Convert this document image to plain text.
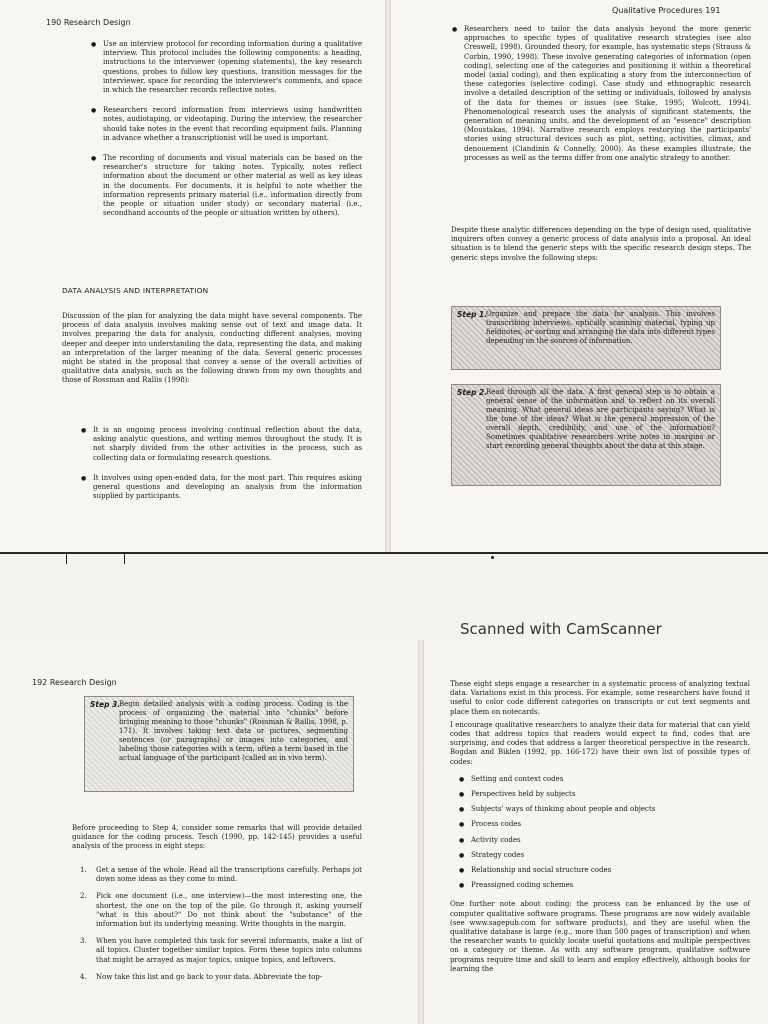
190 Research Design
● Use an interview protocol for recording information during a qualitative interview. This protocol includes the following components: a heading, instructions to the interviewer (opening statements), the key research questions, probes to follow key questions, transition messages for the interviewer, space for recording the interviewer's comments, and space in which the researcher records reflective notes.
● Researchers record information from interviews using handwritten notes, audiotaping, or videotaping. During the interview, the researcher should take notes in the event that recording equipment fails. Planning in advance whether a transcriptionist will be used is important.
● The recording of documents and visual materials can be based on the researcher's structure for taking notes. Typically, notes reflect information about the document or other material as well as key ideas in the documents. For documents, it is helpful to note whether the information represents primary material (i.e., information directly from the people or situation under study) or secondary material (i.e., secondhand accounts of the people or situation written by others).
DATA ANALYSIS AND INTERPRETATION

Discussion of the plan for analyzing the data might have several components. The process of data analysis involves making sense out of text and image data. It involves preparing the data for analysis, conducting different analyses, moving deeper and deeper into understanding the data, representing the data, and making an interpretation of the larger meaning of the data. Several generic processes might be stated in the proposal that convey a sense of the overall activities of qualitative data analysis, such as the following drawn from my own thoughts and those of Rossman and Rallis (1998):

● It is an ongoing process involving continual reflection about the data, asking analytic questions, and writing memos throughout the study. It is not sharply divided from the other activities in the process, such as collecting data or formulating research questions.
● It involves using open-ended data, for the most part. This requires asking general questions and developing an analysis from the information supplied by participants.
Qualitative Procedures 191
● Researchers need to tailor the data analysis beyond the more generic approaches to specific types of qualitative research strategies (see also Creswell, 1998). Grounded theory, for example, has systematic steps (Strauss & Corbin, 1990, 1998). These involve generating categories of information (open coding), selecting one of the categories and positioning it within a theoretical model (axial coding), and then explicating a story from the interconnection of these categories (selective coding). Case study and ethnographic research involve a detailed description of the setting or individuals, followed by analysis of the data for themes or issues (see Stake, 1995; Wolcott, 1994). Phenomenological research uses the analysis of significant statements, the generation of meaning units, and the development of an "essence" description (Moustakas, 1994). Narrative research employs restorying the participants' stories using structural devices such as plot, setting, activities, climax, and denouement (Clandinin & Connelly, 2000). As these examples illustrate, the processes as well as the terms differ from one analytic strategy to another.

Despite these analytic differences depending on the type of design used, qualitative inquirers often convey a generic process of data analysis into a proposal. An ideal situation is to blend the generic steps with the specific research design steps. The generic steps involve the following steps:

Step 1.
Organize and prepare the data for analysis. This involves transcribing interviews, optically scanning material, typing up fieldnotes, or sorting and arranging the data into different types depending on the sources of information.
Step 2.
Read through all the data. A first general step is to obtain a general sense of the information and to reflect on its overall meaning. What general ideas are participants saying? What is the tone of the ideas? What is the general impression of the overall depth, credibility, and use of the information? Sometimes qualitative researchers write notes in margins or start recording general thoughts about the data at this stage.
Scanned with CamScanner
192 Research Design
Step 3.
Begin detailed analysis with a coding process. Coding is the process of organizing the material into "chunks" before bringing meaning to those "chunks" (Rossman & Rallis, 1998, p. 171). It involves taking text data or pictures, segmenting sentences (or paragraphs) or images into categories, and labeling those categories with a term, often a term based in the actual language of the participant (called an in vivo term).

Before proceeding to Step 4, consider some remarks that will provide detailed guidance for the coding process. Tesch (1990, pp. 142-145) provides a useful analysis of the process in eight steps:

1. Get a sense of the whole. Read all the transcriptions carefully. Perhaps jot down some ideas as they come to mind.
2. Pick one document (i.e., one interview)—the most interesting one, the shortest, the one on the top of the pile. Go through it, asking yourself "what is this about?" Do not think about the "substance" of the information but its underlying meaning. Write thoughts in the margin.
3. When you have completed this task for several informants, make a list of all topics. Cluster together similar topics. Form these topics into columns that might be arrayed as major topics, unique topics, and leftovers.
4. Now take this list and go back to your data. Abbreviate the top-

These eight steps engage a researcher in a systematic process of analyzing textual data. Variations exist in this process. For example, some researchers have found it useful to color code different categories on transcripts or cut text segments and place them on notecards.

I encourage qualitative researchers to analyze their data for material that can yield codes that address topics that readers would expect to find, codes that are surprising, and codes that address a larger theoretical perspective in the research. Bogdan and Biklen (1992, pp. 166-172) have their own list of possible types of codes:

● Setting and context codes
● Perspectives held by subjects
● Subjects' ways of thinking about people and objects
● Process codes
● Activity codes
● Strategy codes
● Relationship and social structure codes
● Preassigned coding schemes

One further note about coding: the process can be enhanced by the use of computer qualitative software programs. These programs are now widely available (see www.sagepub.com for software products), and they are useful when the qualitative database is large (e.g., more than 500 pages of transcription) and when the researcher wants to quickly locate useful quotations and multiple perspectives on a category or theme. As with any software program, qualitative software programs require time and skill to learn and employ effectively, although books for learning the
